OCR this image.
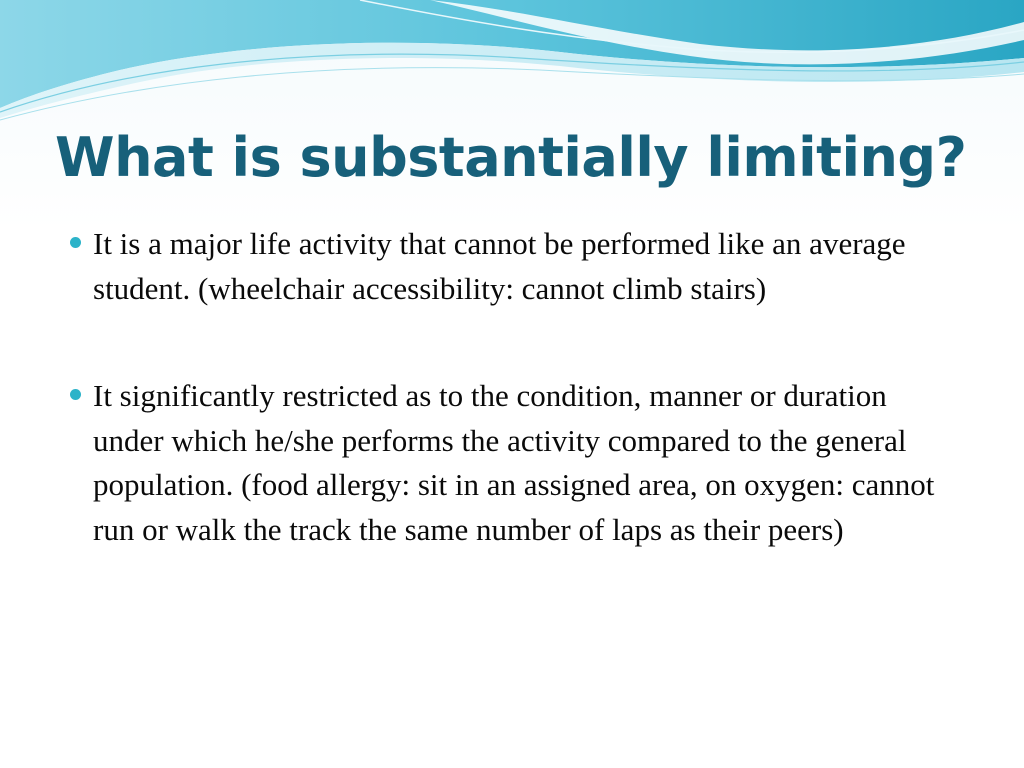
What is substantially limiting?
It is a major life activity that cannot be performed like an average student. (wheelchair accessibility: cannot climb stairs)
It significantly restricted as to the condition, manner or duration under which he/she performs the activity compared to the general population. (food allergy: sit in an assigned area, on oxygen: cannot run or walk the track the same number of laps as their peers)
